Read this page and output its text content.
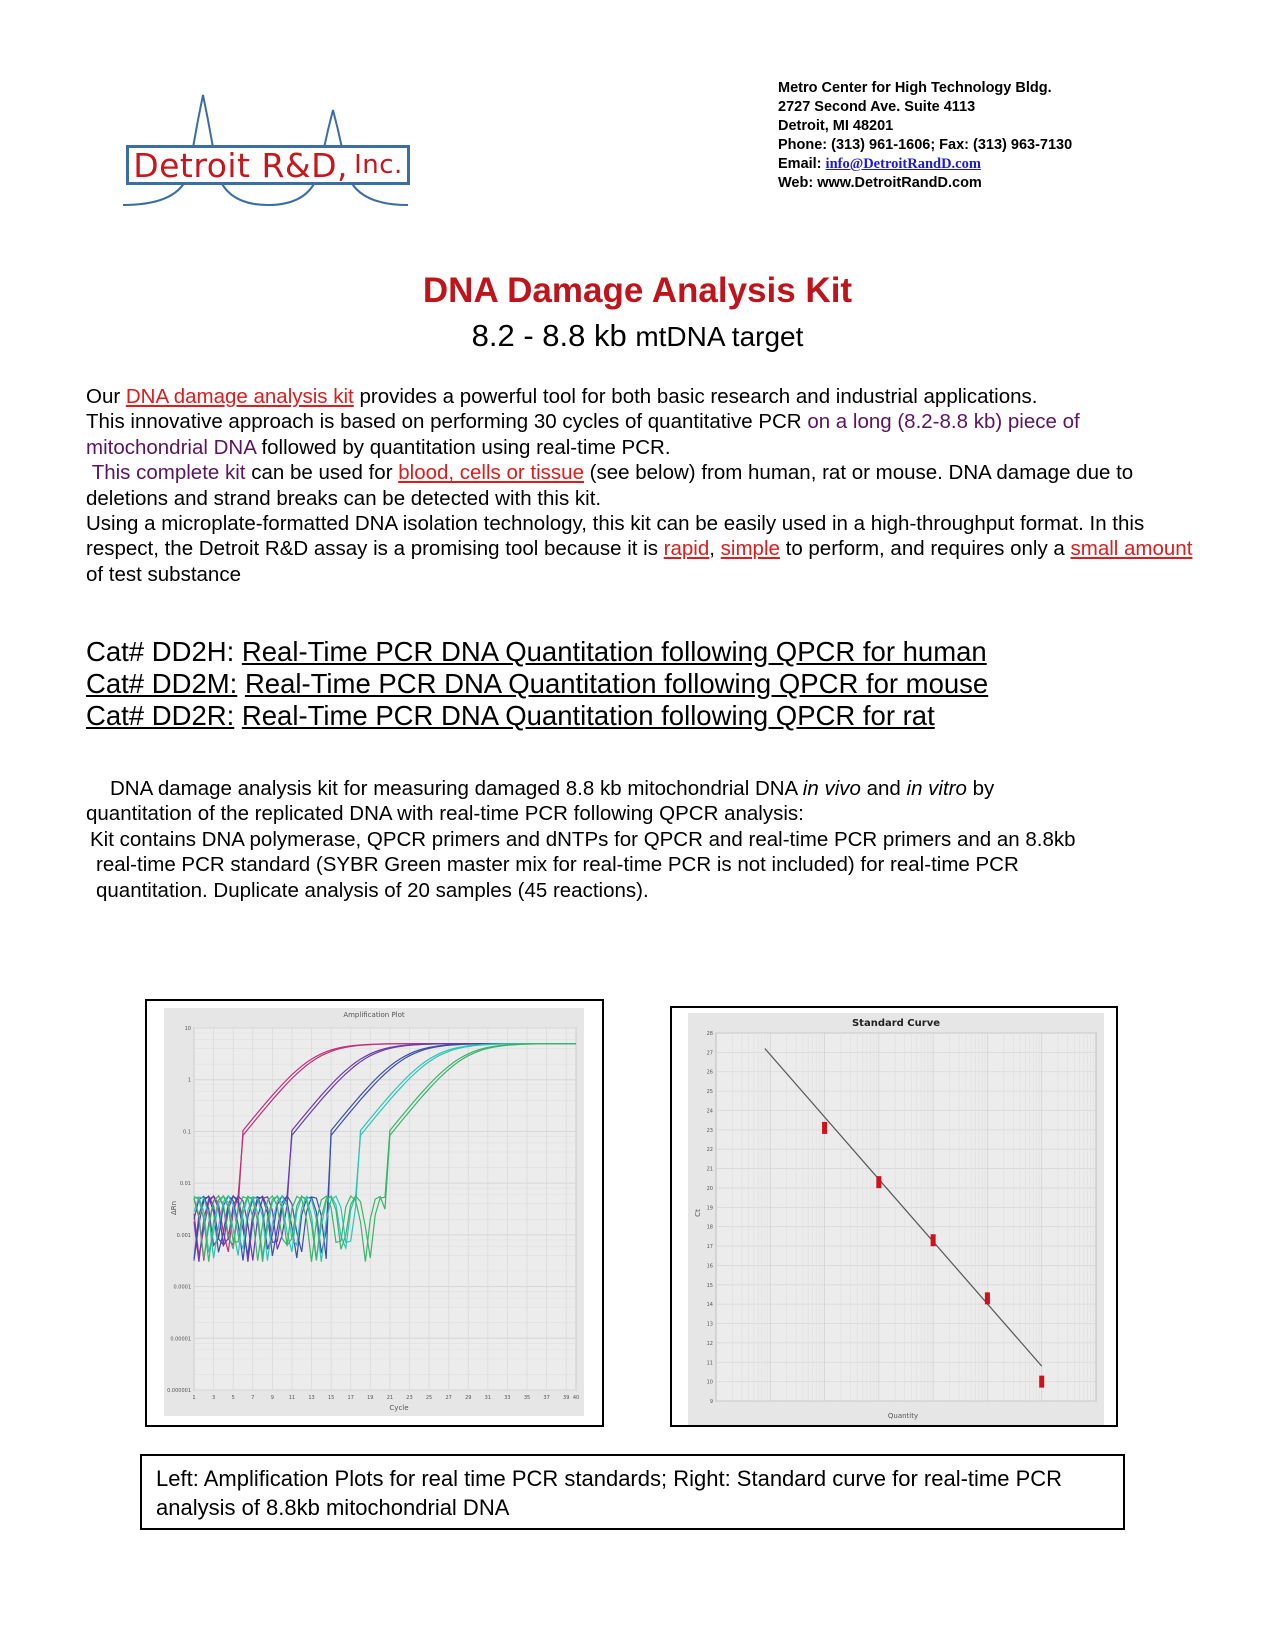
Detroit R&D, Inc.
Metro Center for High Technology Bldg.
2727 Second Ave. Suite 4113
Detroit, MI 48201
Phone: (313) 961-1606; Fax: (313) 963-7130
Email: info@DetroitRandD.com
Web: www.DetroitRandD.com
DNA Damage Analysis Kit
8.2 - 8.8 kb mtDNA target
Our DNA damage analysis kit provides a powerful tool for both basic research and industrial applications.
This innovative approach is based on performing 30 cycles of quantitative PCR on a long (8.2-8.8 kb) piece of mitochondrial DNA followed by quantitation using real-time PCR.
This complete kit can be used for blood, cells or tissue (see below) from human, rat or mouse. DNA damage due to deletions and strand breaks can be detected with this kit.
Using a microplate-formatted DNA isolation technology, this kit can be easily used in a high-throughput format. In this respect, the Detroit R&D assay is a promising tool because it is rapid, simple to perform, and requires only a small amount of test substance
Cat# DD2H: Real-Time PCR DNA Quantitation following QPCR for human
Cat# DD2M: Real-Time PCR DNA Quantitation following QPCR for mouse
Cat# DD2R: Real-Time PCR DNA Quantitation following QPCR for rat
DNA damage analysis kit for measuring damaged 8.8 kb mitochondrial DNA in vivo and in vitro by
quantitation of the replicated DNA with real-time PCR following QPCR analysis:
Kit contains DNA polymerase, QPCR primers and dNTPs for QPCR and real-time PCR primers and an 8.8kb
real-time PCR standard (SYBR Green master mix for real-time PCR is not included) for real-time PCR
quantitation. Duplicate analysis of 20 samples (45 reactions).
Amplification Plot
Cycle
ΔRn
10
1
0.1
0.01
0.001
0.0001
0.00001
0.000001
1	3	5	7	9	11	13	15	17	19	21	23	25	27	29	31	33	35	37	39 40
Standard Curve
Quantity
Ct
28
27
26
25
24
23
22
21
20
19
18
17
16
15
14
13
12
11
10
9
Left: Amplification Plots for real time PCR standards; Right: Standard curve for real-time PCR analysis of 8.8kb mitochondrial DNA
